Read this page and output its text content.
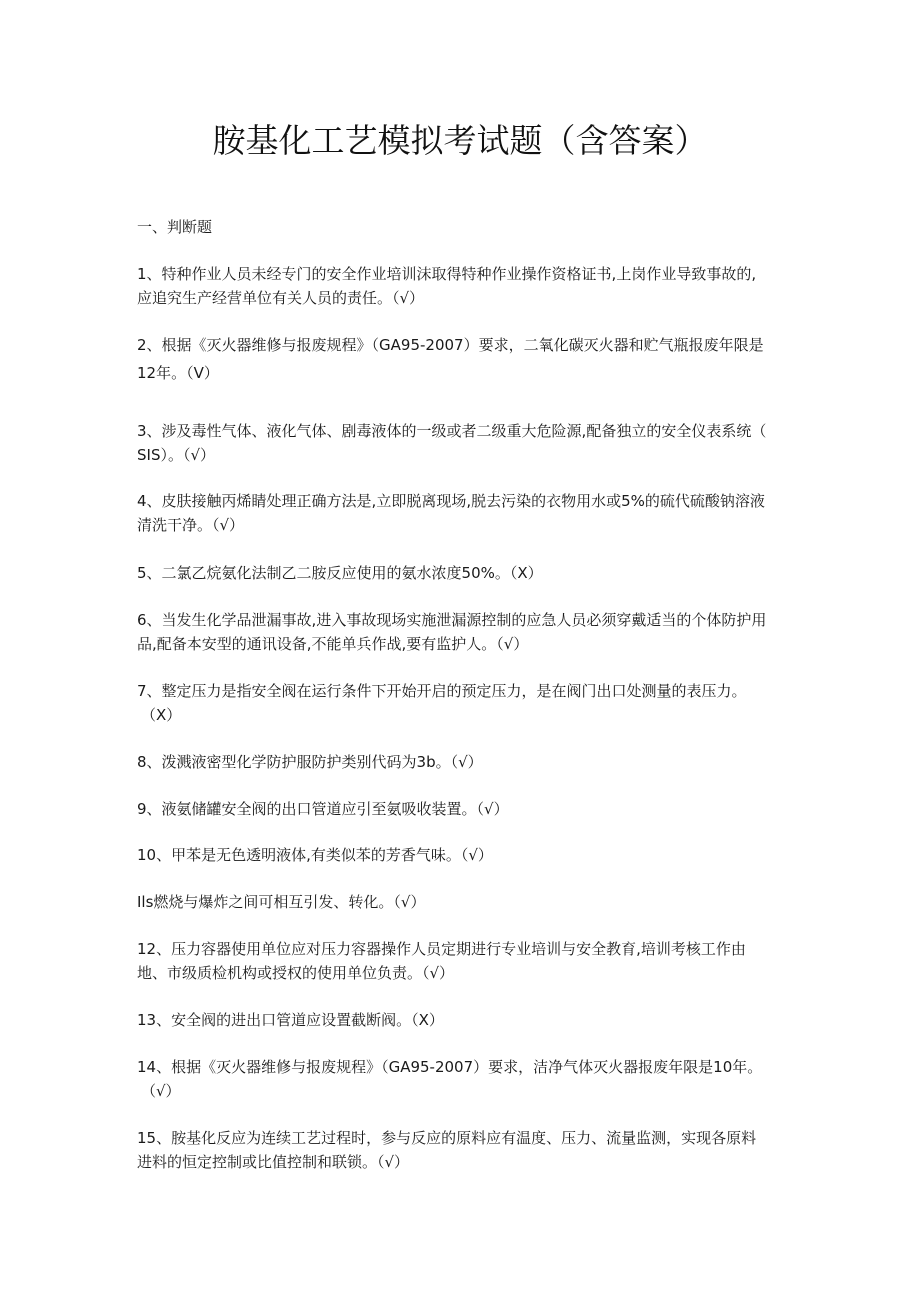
胺基化工艺模拟考试题（含答案）
一、判断题
1、特种作业人员未经专门的安全作业培训沫取得特种作业操作资格证书,上岗作业导致事故的,
应追究生产经营单位有关人员的责任。（√）
2、根据《灭火器维修与报废规程》（GA95-2007）要求，二氧化碳灭火器和贮气瓶报废年限是
12年。（V）
3、涉及毒性气体、液化气体、剧毒液体的一级或者二级重大危险源,配备独立的安全仪表系统（
SIS）。（√）
4、皮肤接触丙烯睛处理正确方法是,立即脱离现场,脱去污染的衣物用水或5%的硫代硫酸钠溶液
清洗干净。（√）
5、二氯乙烷氨化法制乙二胺反应使用的氨水浓度50%。（X）
6、当发生化学品泄漏事故,进入事故现场实施泄漏源控制的应急人员必须穿戴适当的个体防护用
品,配备本安型的通讯设备,不能单兵作战,要有监护人。（√）
7、整定压力是指安全阀在运行条件下开始开启的预定压力，是在阀门出口处测量的表压力。
（X）
8、泼溅液密型化学防护服防护类别代码为3b。（√）
9、液氨储罐安全阀的出口管道应引至氨吸收装置。（√）
10、甲苯是无色透明液体,有类似苯的芳香气味。（√）
Ils燃烧与爆炸之间可相互引发、转化。（√）
12、压力容器使用单位应对压力容器操作人员定期进行专业培训与安全教育,培训考核工作由
地、市级质检机构或授权的使用单位负责。（√）
13、安全阀的进出口管道应设置截断阀。（X）
14、根据《灭火器维修与报废规程》（GA95-2007）要求，洁净气体灭火器报废年限是10年。
（√）
15、胺基化反应为连续工艺过程时，参与反应的原料应有温度、压力、流量监测，实现各原料
进料的恒定控制或比值控制和联锁。（√）
